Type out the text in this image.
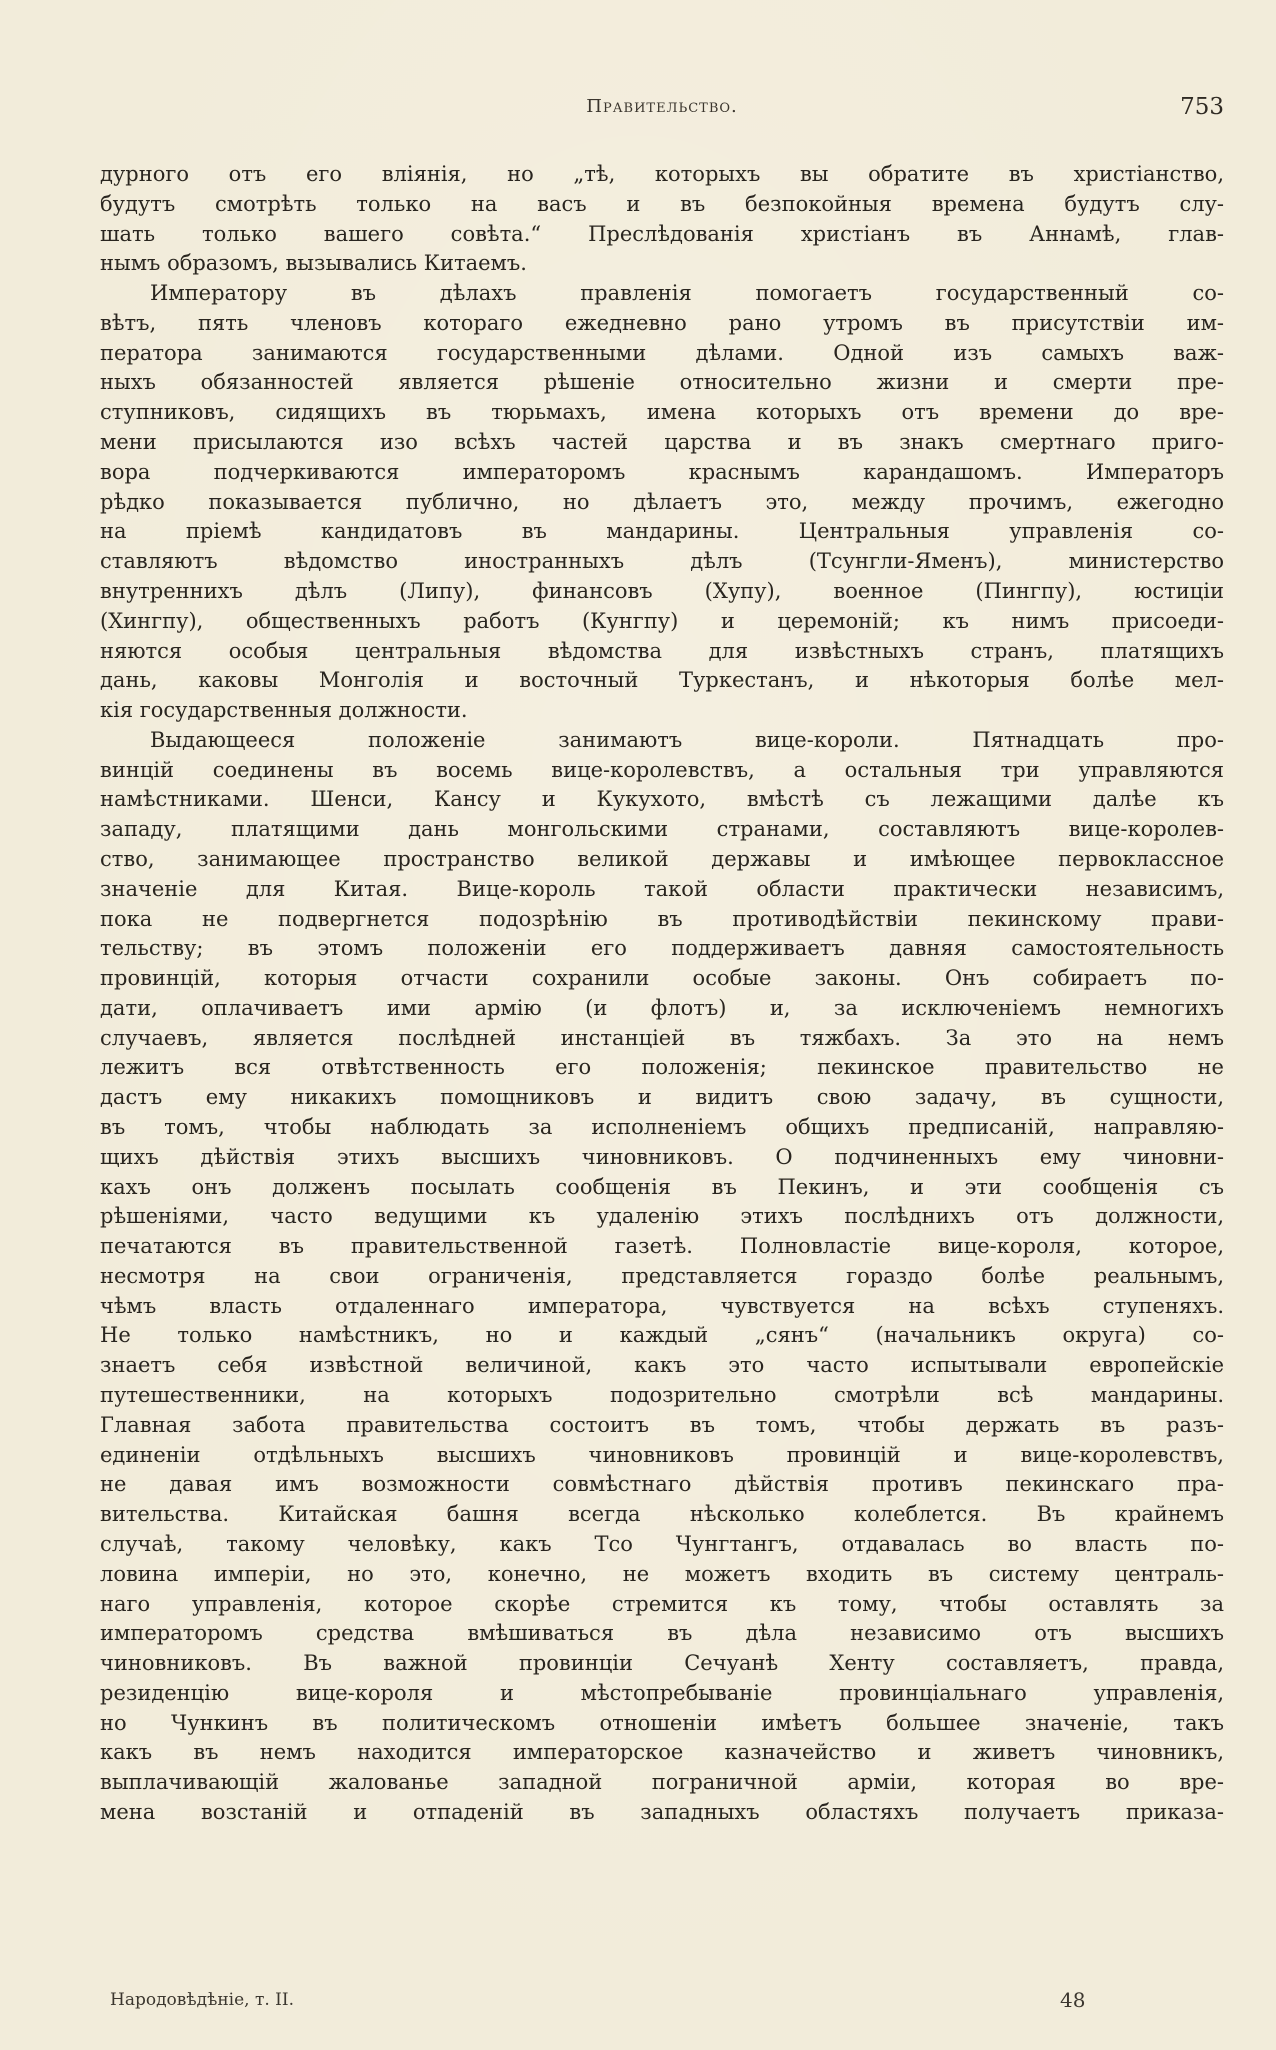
Правительство.	753
дурного отъ его вліянія, но „тѣ, которыхъ вы обратите въ христіанство,
будутъ смотрѣть только на васъ и въ безпокойныя времена будутъ слу-
шать только вашего совѣта.“ Преслѣдованія христіанъ въ Аннамѣ, глав-
нымъ образомъ, вызывались Китаемъ.
Императору въ дѣлахъ правленія помогаетъ государственный со-
вѣтъ, пять членовъ котораго ежедневно рано утромъ въ присутствіи им-
ператора занимаются государственными дѣлами. Одной изъ самыхъ важ-
ныхъ обязанностей является рѣшеніе относительно жизни и смерти пре-
ступниковъ, сидящихъ въ тюрьмахъ, имена которыхъ отъ времени до вре-
мени присылаются изо всѣхъ частей царства и въ знакъ смертнаго приго-
вора подчеркиваются императоромъ краснымъ карандашомъ. Императоръ
рѣдко показывается публично, но дѣлаетъ это, между прочимъ, ежегодно
на пріемѣ кандидатовъ въ мандарины. Центральныя управленія со-
ставляютъ вѣдомство иностранныхъ дѣлъ (Тсунгли-Яменъ), министерство
внутреннихъ дѣлъ (Липу), финансовъ (Хупу), военное (Пингпу), юстиціи
(Хингпу), общественныхъ работъ (Кунгпу) и церемоній; къ нимъ присоеди-
няются особыя центральныя вѣдомства для извѣстныхъ странъ, платящихъ
дань, каковы Монголія и восточный Туркестанъ, и нѣкоторыя болѣе мел-
кія государственныя должности.
Выдающееся положеніе занимаютъ вице-короли. Пятнадцать про-
винцій соединены въ восемь вице-королевствъ, а остальныя три управляются
намѣстниками. Шенси, Кансу и Кукухото, вмѣстѣ съ лежащими далѣе къ
западу, платящими дань монгольскими странами, составляютъ вице-королев-
ство, занимающее пространство великой державы и имѣющее первоклассное
значеніе для Китая. Вице-король такой области практически независимъ,
пока не подвергнется подозрѣнію въ противодѣйствіи пекинскому прави-
тельству; въ этомъ положеніи его поддерживаетъ давняя самостоятельность
провинцій, которыя отчасти сохранили особые законы. Онъ собираетъ по-
дати, оплачиваетъ ими армію (и флотъ) и, за исключеніемъ немногихъ
случаевъ, является послѣдней инстанціей въ тяжбахъ. За это на немъ
лежитъ вся отвѣтственность его положенія; пекинское правительство не
дастъ ему никакихъ помощниковъ и видитъ свою задачу, въ сущности,
въ томъ, чтобы наблюдать за исполненіемъ общихъ предписаній, направляю-
щихъ дѣйствія этихъ высшихъ чиновниковъ. О подчиненныхъ ему чиновни-
кахъ онъ долженъ посылать сообщенія въ Пекинъ, и эти сообщенія съ
рѣшеніями, часто ведущими къ удаленію этихъ послѣднихъ отъ должности,
печатаются въ правительственной газетѣ. Полновластіе вице-короля, которое,
несмотря на свои ограниченія, представляется гораздо болѣе реальнымъ,
чѣмъ власть отдаленнаго императора, чувствуется на всѣхъ ступеняхъ.
Не только намѣстникъ, но и каждый „сянъ“ (начальникъ округа) со-
знаетъ себя извѣстной величиной, какъ это часто испытывали европейскіе
путешественники, на которыхъ подозрительно смотрѣли всѣ мандарины.
Главная забота правительства состоитъ въ томъ, чтобы держать въ разъ-
единеніи отдѣльныхъ высшихъ чиновниковъ провинцій и вице-королевствъ,
не давая имъ возможности совмѣстнаго дѣйствія противъ пекинскаго пра-
вительства. Китайская башня всегда нѣсколько колеблется. Въ крайнемъ
случаѣ, такому человѣку, какъ Тсо Чунгтангъ, отдавалась во власть по-
ловина имперіи, но это, конечно, не можетъ входить въ систему централь-
наго управленія, которое скорѣе стремится къ тому, чтобы оставлять за
императоромъ средства вмѣшиваться въ дѣла независимо отъ высшихъ
чиновниковъ. Въ важной провинціи Сечуанѣ Хенту составляетъ, правда,
резиденцію вице-короля и мѣстопребываніе провинціальнаго управленія,
но Чункинъ въ политическомъ отношеніи имѣетъ большее значеніе, такъ
какъ въ немъ находится императорское казначейство и живетъ чиновникъ,
выплачивающій жалованье западной пограничной арміи, которая во вре-
мена возстаній и отпаденій въ западныхъ областяхъ получаетъ приказа-
Народовѣдѣніе, т. II.	48
